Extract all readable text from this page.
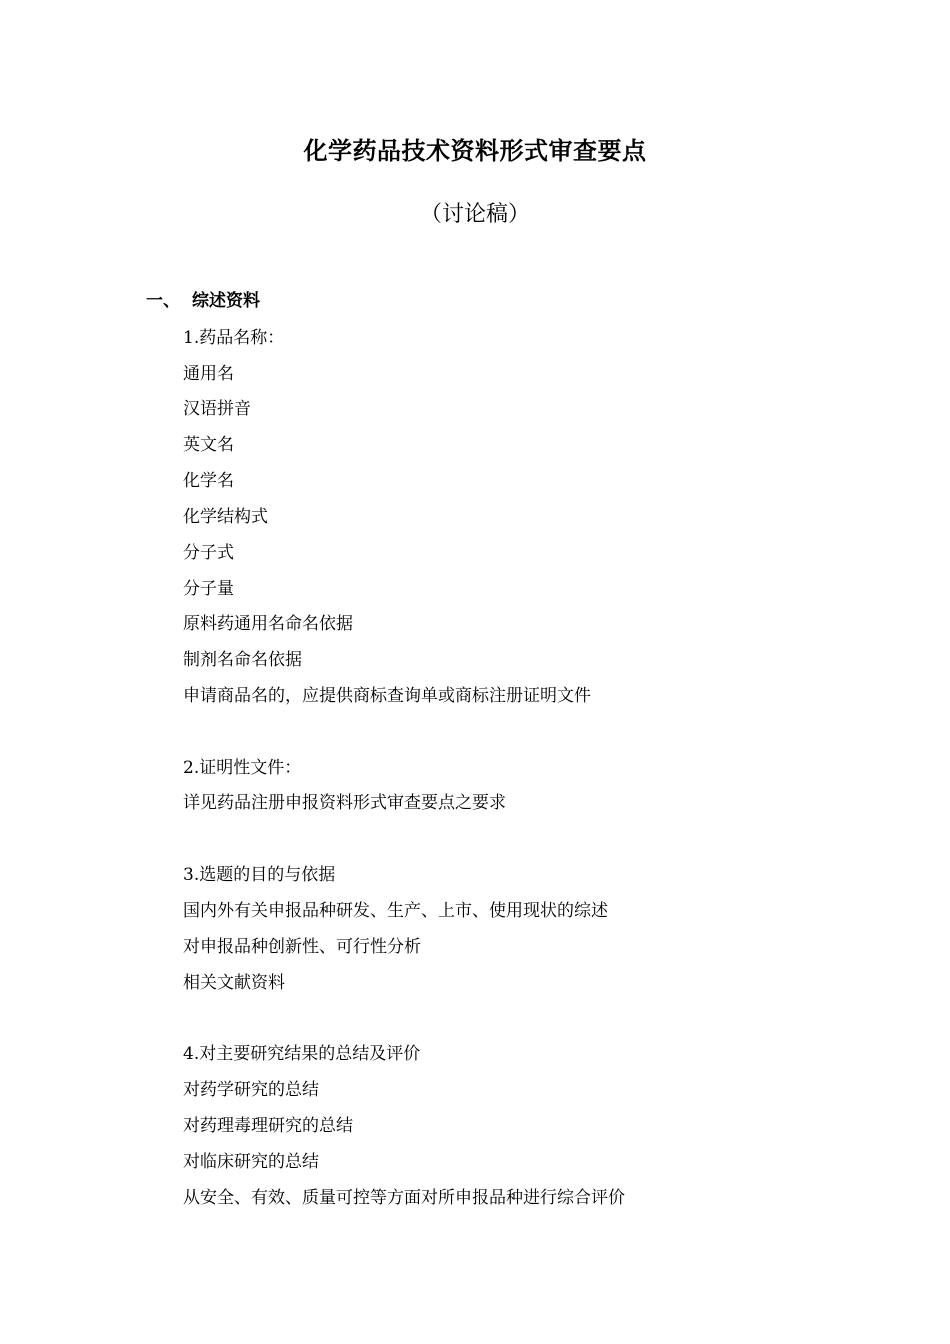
化学药品技术资料形式审查要点
（讨论稿）
一、 综述资料
1.药品名称：
通用名
汉语拼音
英文名
化学名
化学结构式
分子式
分子量
原料药通用名命名依据
制剂名命名依据
申请商品名的，应提供商标查询单或商标注册证明文件
2.证明性文件：
详见药品注册申报资料形式审查要点之要求
3.选题的目的与依据
国内外有关申报品种研发、生产、上市、使用现状的综述
对申报品种创新性、可行性分析
相关文献资料
4.对主要研究结果的总结及评价
对药学研究的总结
对药理毒理研究的总结
对临床研究的总结
从安全、有效、质量可控等方面对所申报品种进行综合评价
